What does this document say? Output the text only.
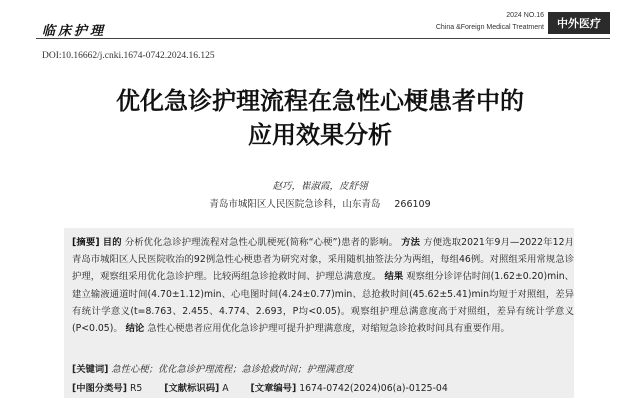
临床护理
2024 NO.16
China &Foreign Medical Treatment	中外医疗
DOI:10.16662/j.cnki.1674-0742.2024.16.125
优化急诊护理流程在急性心梗患者中的
应用效果分析
赵巧，崔淑霞，皮舒翎
青岛市城阳区人民医院急诊科，山东青岛 266109
[摘要] 目的 分析优化急诊护理流程对急性心肌梗死(简称“心梗”)患者的影响。 方法 方便选取2021年9月—2022年12月青岛市城阳区人民医院收治的92例急性心梗患者为研究对象，采用随机抽签法分为两组，每组46例。对照组采用常规急诊护理，观察组采用优化急诊护理。比较两组急诊抢救时间、护理总满意度。 结果 观察组分诊评估时间(1.62±0.20)min、建立输液通道时间(4.70±1.12)min、心电图时间(4.24±0.77)min、总抢救时间(45.62±5.41)min均短于对照组，差异有统计学意义(t=8.763、2.455、4.774、2.693，P均<0.05)。观察组护理总满意度高于对照组，差异有统计学意义(P<0.05)。 结论 急性心梗患者应用优化急诊护理可提升护理满意度，对缩短急诊抢救时间具有重要作用。
[关键词] 急性心梗；优化急诊护理流程；急诊抢救时间；护理满意度
[中图分类号] R5 [文献标识码] A [文章编号] 1674-0742(2024)06(a)-0125-04
